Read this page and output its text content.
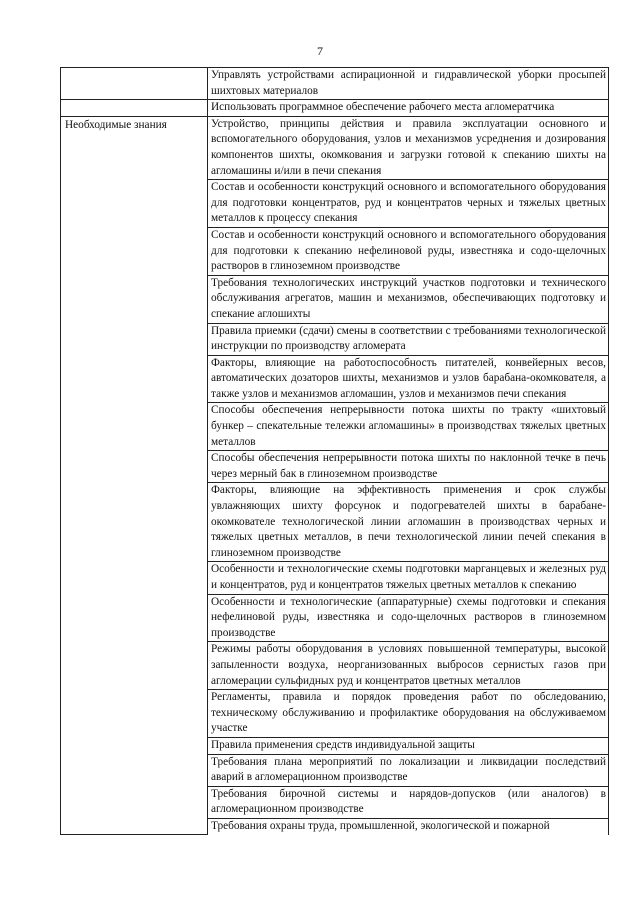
7
	Управлять устройствами аспирационной и гидравлической уборки просыпей шихтовых материалов
	Использовать программное обеспечение рабочего места агломератчика
Необходимые знания	Устройство, принципы действия и правила эксплуатации основного и вспомогательного оборудования, узлов и механизмов усреднения и дозирования компонентов шихты, окомкования и загрузки готовой к спеканию шихты на агломашины и/или в печи спекания
	Состав и особенности конструкций основного и вспомогательного оборудования для подготовки концентратов, руд и концентратов черных и тяжелых цветных металлов к процессу спекания
	Состав и особенности конструкций основного и вспомогательного оборудования для подготовки к спеканию нефелиновой руды, известняка и содо-щелочных растворов в глиноземном производстве
	Требования технологических инструкций участков подготовки и технического обслуживания агрегатов, машин и механизмов, обеспечивающих подготовку и спекание аглошихты
	Правила приемки (сдачи) смены в соответствии с требованиями технологической инструкции по производству агломерата
	Факторы, влияющие на работоспособность питателей, конвейерных весов, автоматических дозаторов шихты, механизмов и узлов барабана-окомкователя, а также узлов и механизмов агломашин, узлов и механизмов печи спекания
	Способы обеспечения непрерывности потока шихты по тракту «шихтовый бункер – спекательные тележки агломашины» в производствах тяжелых цветных металлов
	Способы обеспечения непрерывности потока шихты по наклонной течке в печь через мерный бак в глиноземном производстве
	Факторы, влияющие на эффективность применения и срок службы увлажняющих шихту форсунок и подогревателей шихты в барабане-окомкователе технологической линии агломашин в производствах черных и тяжелых цветных металлов, в печи технологической линии печей спекания в глиноземном производстве
	Особенности и технологические схемы подготовки марганцевых и железных руд и концентратов, руд и концентратов тяжелых цветных металлов к спеканию
	Особенности и технологические (аппаратурные) схемы подготовки и спекания нефелиновой руды, известняка и содо-щелочных растворов в глиноземном производстве
	Режимы работы оборудования в условиях повышенной температуры, высокой запыленности воздуха, неорганизованных выбросов сернистых газов при агломерации сульфидных руд и концентратов цветных металлов
	Регламенты, правила и порядок проведения работ по обследованию, техническому обслуживанию и профилактике оборудования на обслуживаемом участке
	Правила применения средств индивидуальной защиты
	Требования плана мероприятий по локализации и ликвидации последствий аварий в агломерационном производстве
	Требования бирочной системы и нарядов-допусков (или аналогов) в агломерационном производстве
	Требования охраны труда, промышленной, экологической и пожарной
